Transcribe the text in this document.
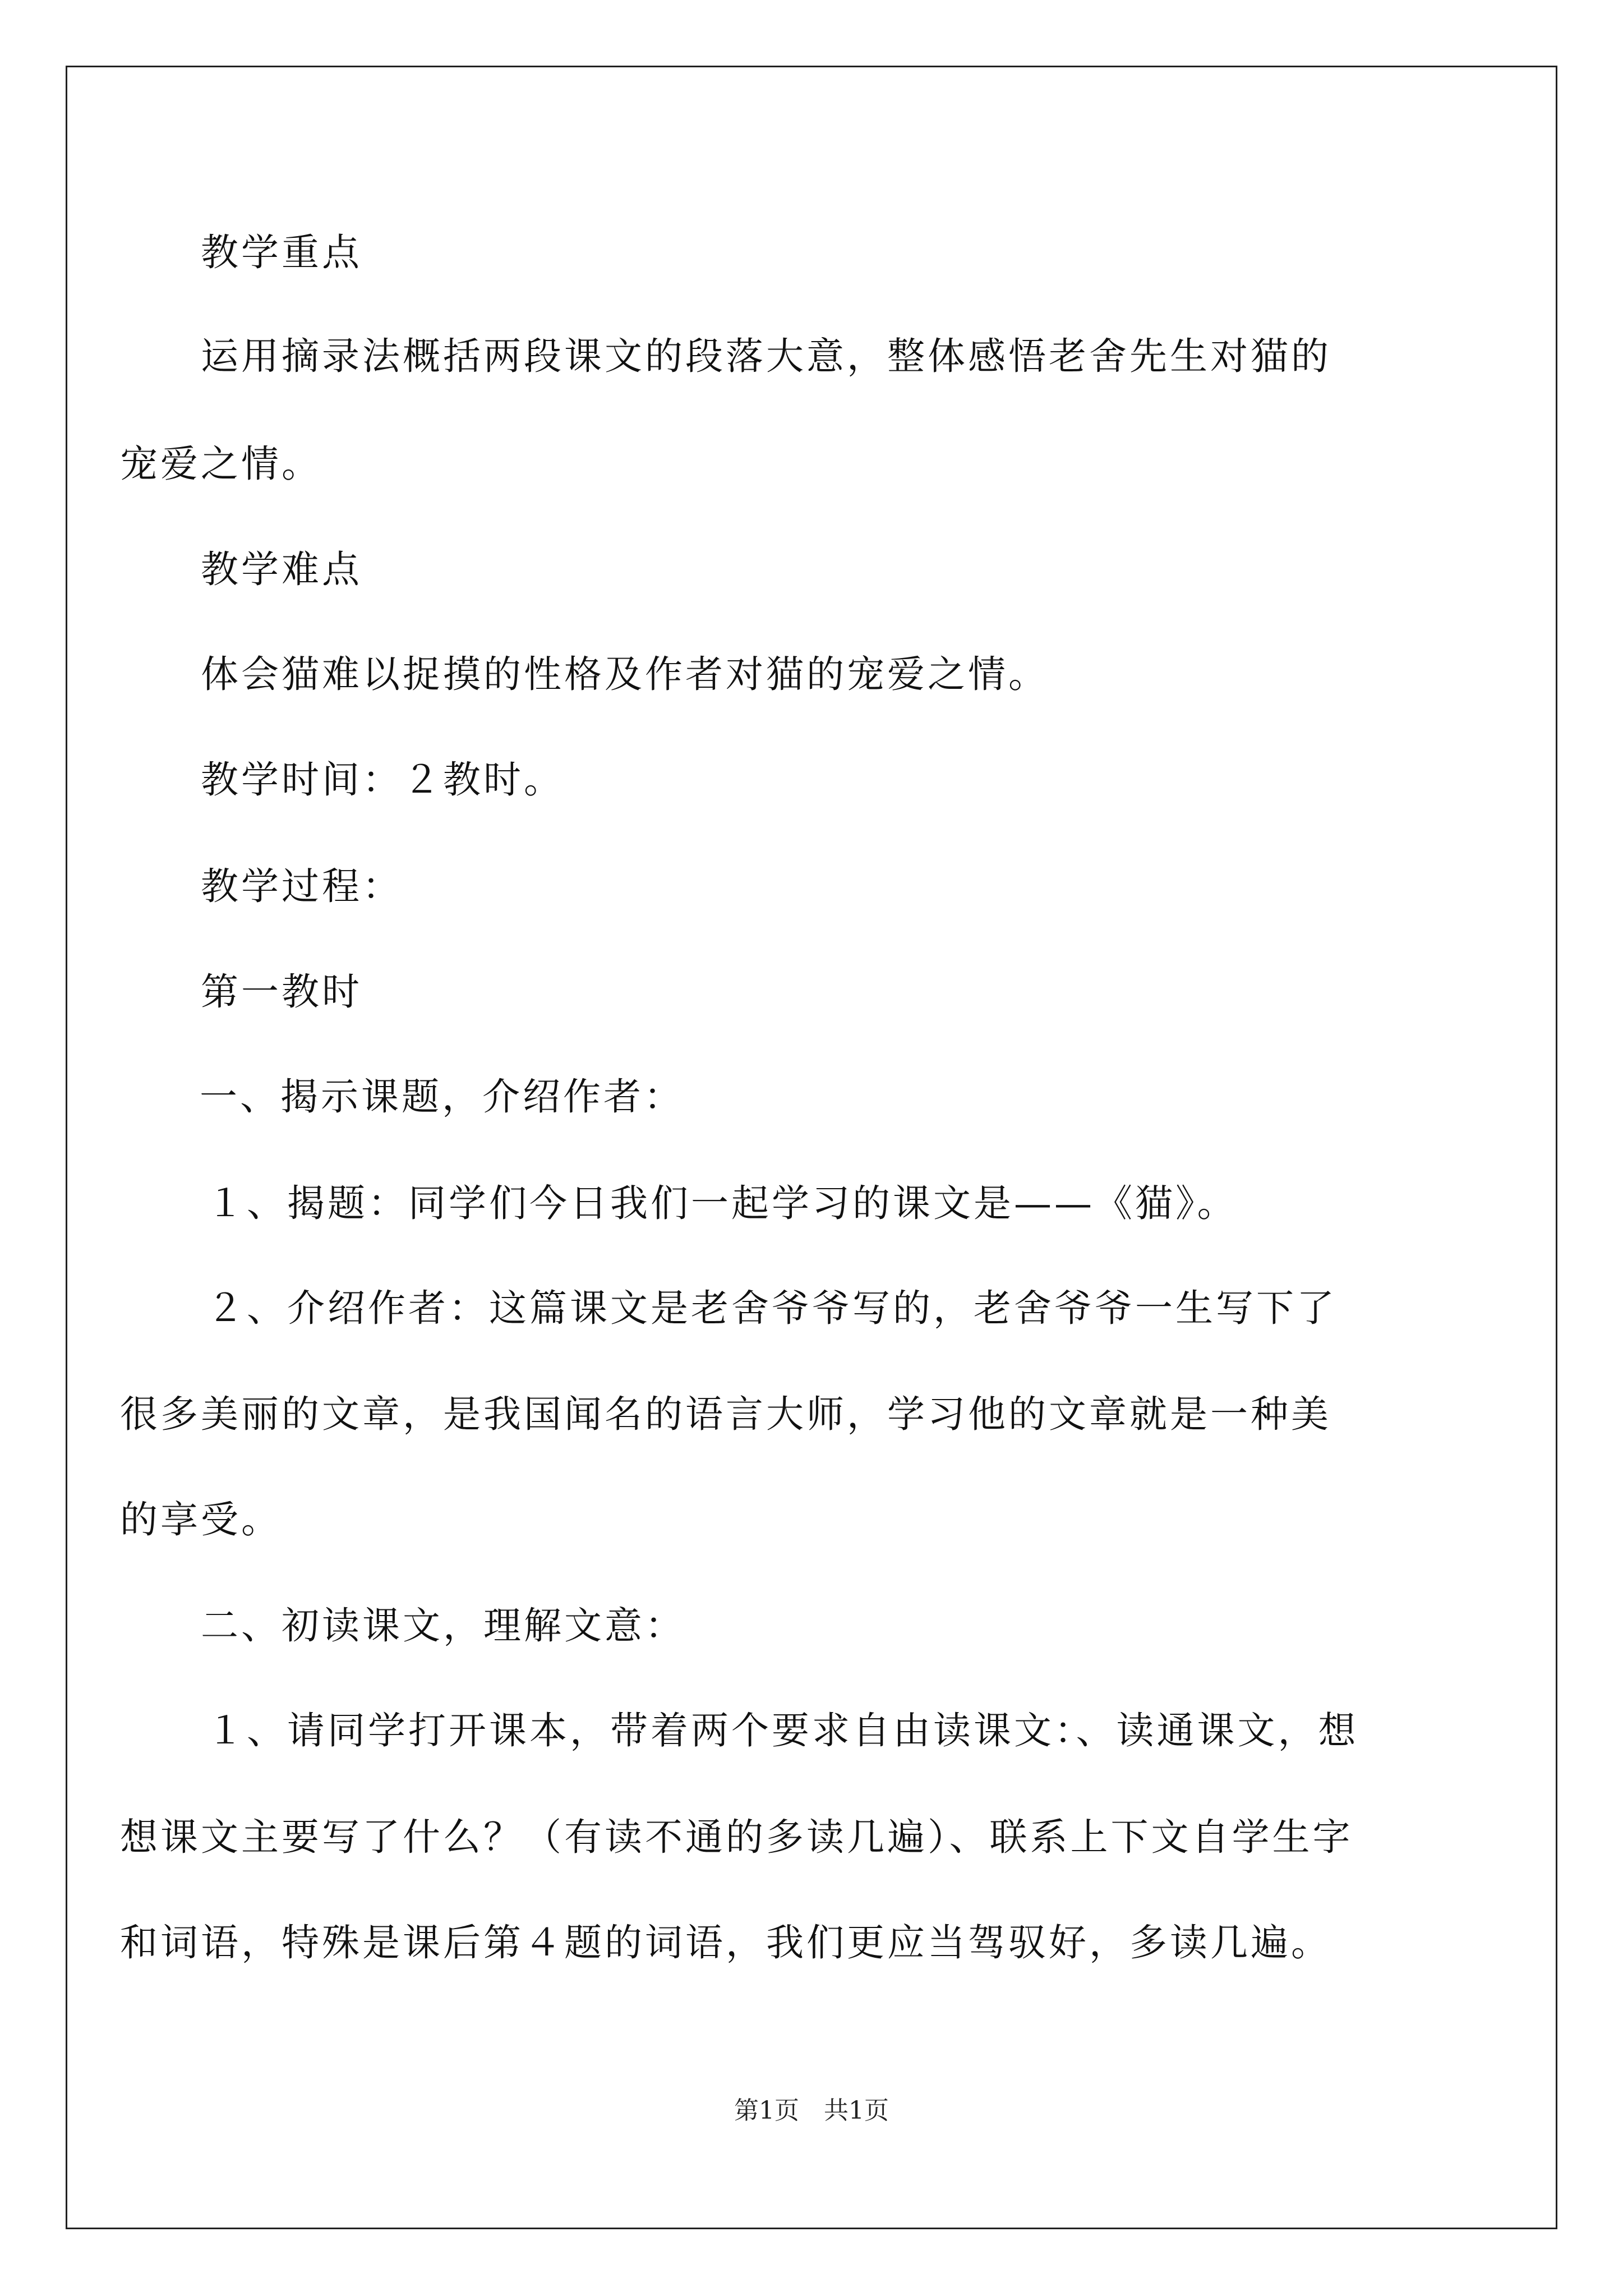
教学重点
运用摘录法概括两段课文的段落大意，整体感悟老舍先生对猫的
宠爱之情。
教学难点
体会猫难以捉摸的性格及作者对猫的宠爱之情。
教学时间：２教时。
教学过程：
第一教时
一、揭示课题，介绍作者：
１、揭题：同学们今日我们一起学习的课文是——《猫》。
２、介绍作者：这篇课文是老舍爷爷写的，老舍爷爷一生写下了
很多美丽的文章，是我国闻名的语言大师，学习他的文章就是一种美
的享受。
二、初读课文，理解文意：
１、请同学打开课本，带着两个要求自由读课文：、读通课文，想
想课文主要写了什么？（有读不通的多读几遍）、联系上下文自学生字
和词语，特殊是课后第４题的词语，我们更应当驾驭好，多读几遍。
第1页　共1页
